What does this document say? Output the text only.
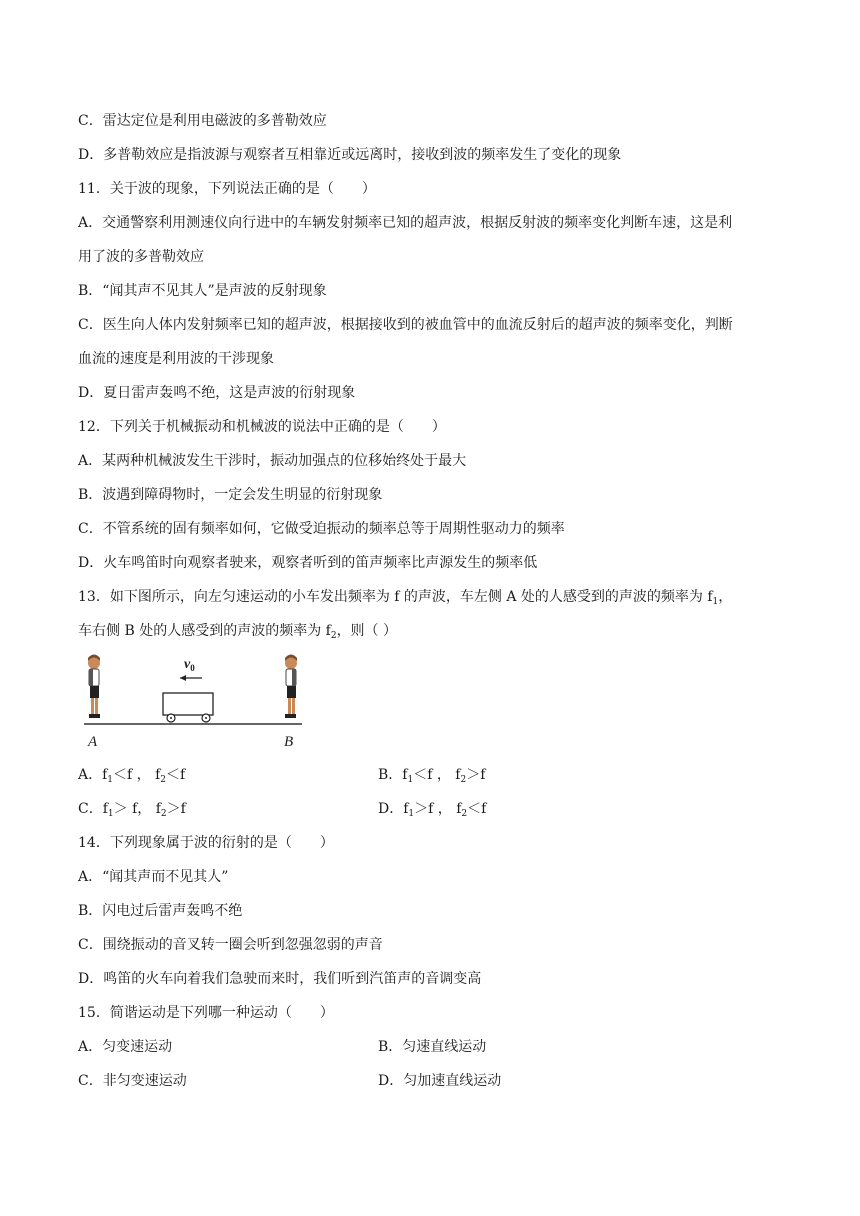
C．雷达定位是利用电磁波的多普勒效应
D．多普勒效应是指波源与观察者互相靠近或远离时，接收到波的频率发生了变化的现象
11．关于波的现象，下列说法正确的是（　　）
A．交通警察利用测速仪向行进中的车辆发射频率已知的超声波，根据反射波的频率变化判断车速，这是利
用了波的多普勒效应
B．“闻其声不见其人”是声波的反射现象
C．医生向人体内发射频率已知的超声波，根据接收到的被血管中的血流反射后的超声波的频率变化，判断
血流的速度是利用波的干涉现象
D．夏日雷声轰鸣不绝，这是声波的衍射现象
12．下列关于机械振动和机械波的说法中正确的是（　　）
A．某两种机械波发生干涉时，振动加强点的位移始终处于最大
B．波遇到障碍物时，一定会发生明显的衍射现象
C．不管系统的固有频率如何，它做受迫振动的频率总等于周期性驱动力的频率
D．火车鸣笛时向观察者驶来，观察者听到的笛声频率比声源发生的频率低
13．如下图所示，向左匀速运动的小车发出频率为 f 的声波，车左侧 A 处的人感受到的声波的频率为 $f_1$，
车右侧 B 处的人感受到的声波的频率为 $f_2$，则（ ）
$v_0$
A	B
A．$f_1<f$ ， $f_2<f$	B．$f_1<f$ ， $f_2>f$
C．$f_1> f$， $f_2>f$	D．$f_1>f$ ， $f_2<f$
14．下列现象属于波的衍射的是（　　）
A．“闻其声而不见其人”
B．闪电过后雷声轰鸣不绝
C．围绕振动的音叉转一圈会听到忽强忽弱的声音
D．鸣笛的火车向着我们急驶而来时，我们听到汽笛声的音调变高
15．简谐运动是下列哪一种运动（　　）
A．匀变速运动	B．匀速直线运动
C．非匀变速运动	D．匀加速直线运动
